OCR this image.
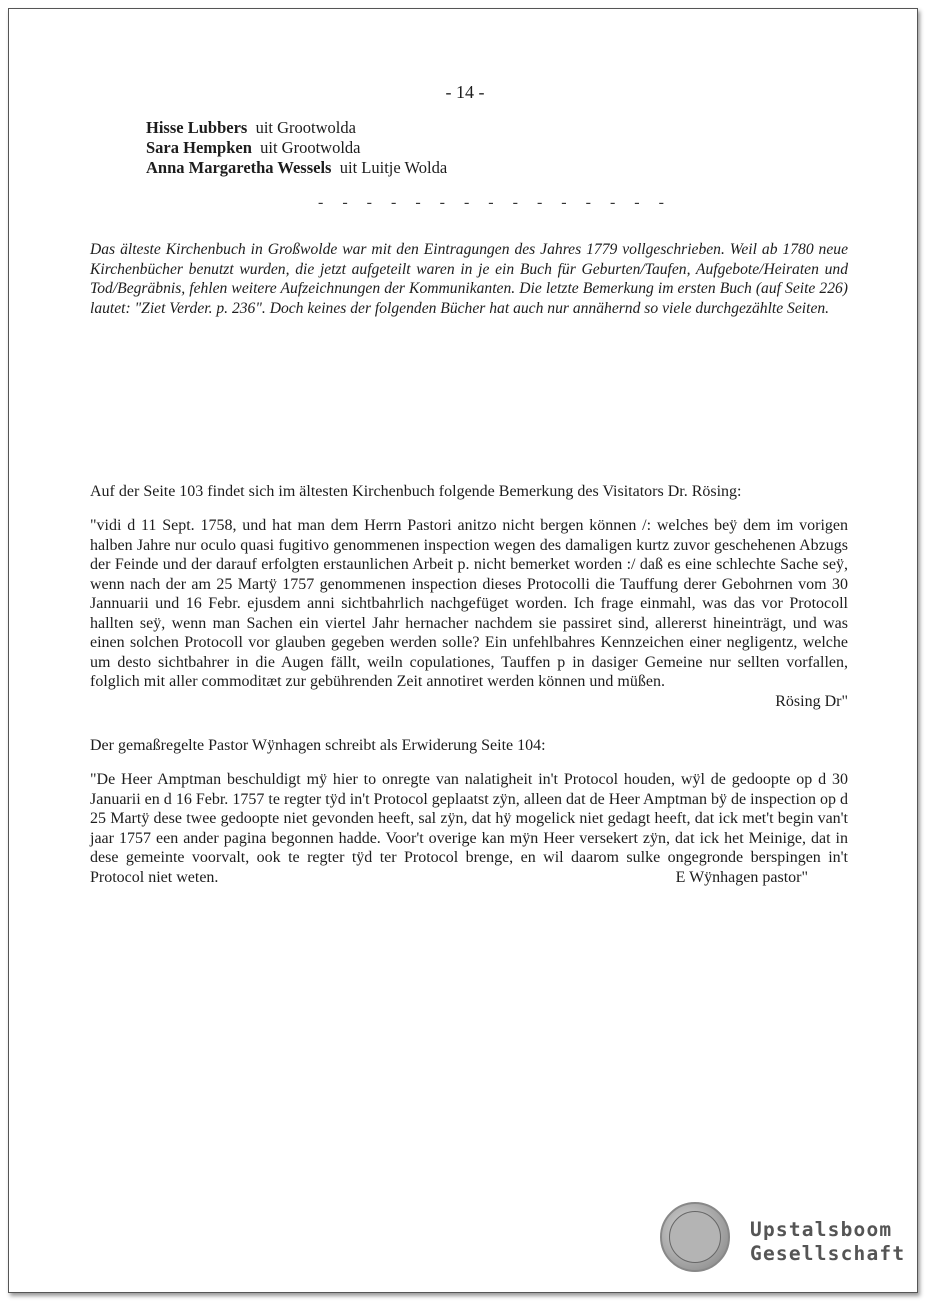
- 14 -
Hisse Lubbers uit Grootwolda
Sara Hempken uit Grootwolda
Anna Margaretha Wessels uit Luitje Wolda
- - - - - - - - - - - - - - -
Das älteste Kirchenbuch in Großwolde war mit den Eintragungen des Jahres 1779 vollgeschrieben. Weil ab 1780 neue Kirchenbücher benutzt wurden, die jetzt aufgeteilt waren in je ein Buch für Geburten/Taufen, Aufgebote/Heiraten und Tod/Begräbnis, fehlen weitere Aufzeichnungen der Kommunikanten. Die letzte Bemerkung im ersten Buch (auf Seite 226) lautet: "Ziet Verder. p. 236". Doch keines der folgenden Bücher hat auch nur annähernd so viele durchgezählte Seiten.
Auf der Seite 103 findet sich im ältesten Kirchenbuch folgende Bemerkung des Visitators Dr. Rösing:
"vidi d 11 Sept. 1758, und hat man dem Herrn Pastori anitzo nicht bergen können /: welches beÿ dem im vorigen halben Jahre nur oculo quasi fugitivo genommenen inspection wegen des damaligen kurtz zuvor geschehenen Abzugs der Feinde und der darauf erfolgten erstaunlichen Arbeit p. nicht bemerket worden :/ daß es eine schlechte Sache seÿ, wenn nach der am 25 Martÿ 1757 genommenen inspection dieses Protocolli die Tauffung derer Gebohrnen vom 30 Jannuarii und 16 Febr. ejusdem anni sichtbahrlich nachgefüget worden. Ich frage einmahl, was das vor Protocoll hallten seÿ, wenn man Sachen ein viertel Jahr hernacher nachdem sie passiret sind, allererst hineinträgt, und was einen solchen Protocoll vor glauben gegeben werden solle? Ein unfehlbahres Kennzeichen einer negligentz, welche um desto sichtbahrer in die Augen fällt, weiln copulationes, Tauffen p in dasiger Gemeine nur sellten vorfallen, folglich mit aller commoditæt zur gebührenden Zeit annotiret werden können und müßen.
Rösing Dr"
Der gemaßregelte Pastor Wÿnhagen schreibt als Erwiderung Seite 104:
"De Heer Amptman beschuldigt mÿ hier to onregte van nalatigheit in't Protocol houden, wÿl de gedoopte op d 30 Januarii en d 16 Febr. 1757 te regter tÿd in't Protocol geplaatst zÿn, alleen dat de Heer Amptman bÿ de inspection op d 25 Martÿ dese twee gedoopte niet gevonden heeft, sal zÿn, dat hÿ mogelick niet gedagt heeft, dat ick met't begin van't jaar 1757 een ander pagina begonnen hadde. Voor't overige kan mÿn Heer versekert zÿn, dat ick het Meinige, dat in dese gemeinte voorvalt, ook te regter tÿd ter Protocol brenge, en wil daarom sulke ongegronde berspingen in't Protocol niet weten.	E Wÿnhagen pastor"
Upstalsboom
Gesellschaft
